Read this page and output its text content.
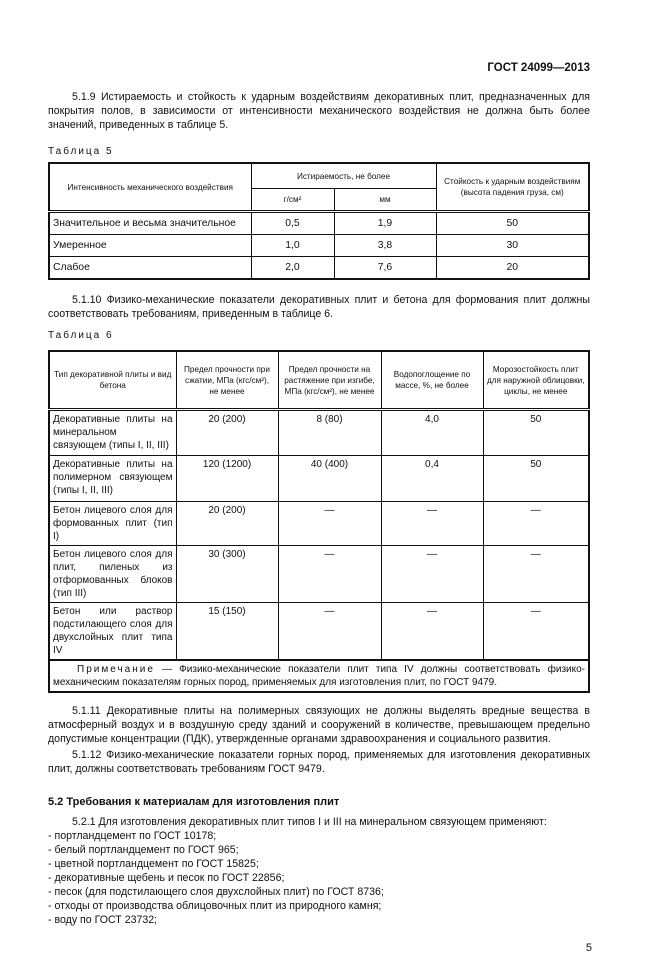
ГОСТ 24099—2013

5.1.9 Истираемость и стойкость к ударным воздействиям декоративных плит, предназначенных для покрытия полов, в зависимости от интенсивности механического воздействия не должна быть более значений, приведенных в таблице 5.

Таблица 5
Интенсивность механического воздействия	Истираемость, не более		Стойкость к ударным воздействиям (высота падения груза, см)
	г/см²	мм	
Значительное и весьма значительное	0,5	1,9	50
Умеренное	1,0	3,8	30
Слабое	2,0	7,6	20

5.1.10 Физико-механические показатели декоративных плит и бетона для формования плит должны соответствовать требованиям, приведенным в таблице 6.

Таблица 6
Тип декоративной плиты и вид бетона	Предел прочности при сжатии, МПа (кгс/см²), не менее	Предел прочности на растяжение при изгибе, МПа (кгс/см²), не менее	Водопоглощение по массе, %, не более	Морозостойкость плит для наружной облицовки, циклы, не менее
Декоративные плиты на минеральном связующем (типы I, II, III)	20 (200)	8 (80)	4,0	50
Декоративные плиты на полимерном связующем (типы I, II, III)	120 (1200)	40 (400)	0,4	50
Бетон лицевого слоя для формованных плит (тип I)	20 (200)	—	—	—
Бетон лицевого слоя для плит, пиленых из отформованных блоков (тип III)	30 (300)	—	—	—
Бетон или раствор подстилающего слоя для двухслойных плит типа IV	15 (150)	—	—	—
Примечание — Физико-механические показатели плит типа IV должны соответствовать физико-механическим показателям горных пород, применяемых для изготовления плит, по ГОСТ 9479.				

5.1.11 Декоративные плиты на полимерных связующих не должны выделять вредные вещества в атмосферный воздух и в воздушную среду зданий и сооружений в количестве, превышающем предельно допустимые концентрации (ПДК), утвержденные органами здравоохранения и социального развития.

5.1.12 Физико-механические показатели горных пород, применяемых для изготовления декоративных плит, должны соответствовать требованиям ГОСТ 9479.

5.2 Требования к материалам для изготовления плит

5.2.1 Для изготовления декоративных плит типов I и III на минеральном связующем применяют:

- портландцемент по ГОСТ 10178;
- белый портландцемент по ГОСТ 965;
- цветной портландцемент по ГОСТ 15825;
- декоративные щебень и песок по ГОСТ 22856;
- песок (для подстилающего слоя двухслойных плит) по ГОСТ 8736;
- отходы от производства облицовочных плит из природного камня;
- воду по ГОСТ 23732;
5
